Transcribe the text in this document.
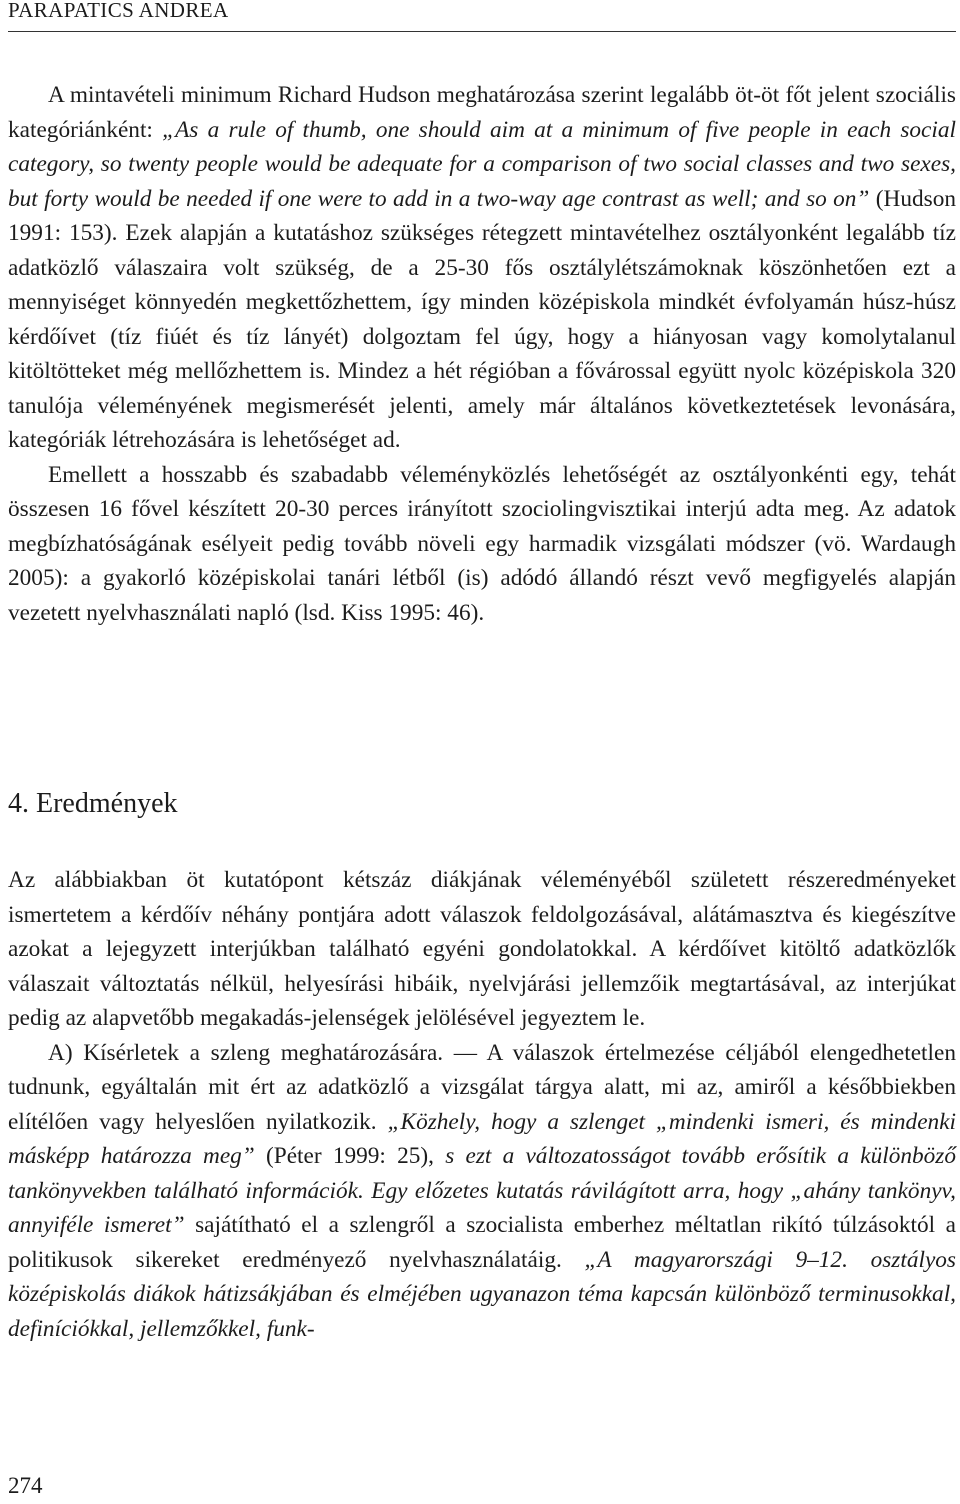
PARAPATICS ANDREA

A mintavételi minimum Richard Hudson meghatározása szerint legalább öt-öt főt jelent szociális kategóriánként: „As a rule of thumb, one should aim at a minimum of five people in each social category, so twenty people would be adequate for a comparison of two social classes and two sexes, but forty would be needed if one were to add in a two-way age contrast as well; and so on” (Hudson 1991: 153). Ezek alapján a kutatáshoz szükséges rétegzett mintavételhez osztályonként legalább tíz adatközlő válaszaira volt szükség, de a 25-30 fős osztálylétszámoknak köszönhetően ezt a mennyiséget könnyedén megkettőzhettem, így minden középiskola mindkét évfolyamán húsz-húsz kérdőívet (tíz fiúét és tíz lányét) dolgoztam fel úgy, hogy a hiányosan vagy komolytalanul kitöltötteket még mellőzhettem is. Mindez a hét régióban a fővárossal együtt nyolc középiskola 320 tanulója véleményének megismerését jelenti, amely már általános következtetések levonására, kategóriák létrehozására is lehetőséget ad.

Emellett a hosszabb és szabadabb véleményközlés lehetőségét az osztályonkénti egy, tehát összesen 16 fővel készített 20-30 perces irányított szociolingvisztikai interjú adta meg. Az adatok megbízhatóságának esélyeit pedig tovább növeli egy harmadik vizsgálati módszer (vö. Wardaugh 2005): a gyakorló középiskolai tanári létből (is) adódó állandó részt vevő megfigyelés alapján vezetett nyelvhasználati napló (lsd. Kiss 1995: 46).

4. Eredmények

Az alábbiakban öt kutatópont kétszáz diákjának véleményéből született részeredményeket ismertetem a kérdőív néhány pontjára adott válaszok feldolgozásával, alátámasztva és kiegészítve azokat a lejegyzett interjúkban található egyéni gondolatokkal. A kérdőívet kitöltő adatközlők válaszait változtatás nélkül, helyesírási hibáik, nyelvjárási jellemzőik megtartásával, az interjúkat pedig az alapvetőbb megakadás-jelenségek jelölésével jegyeztem le.

A) Kísérletek a szleng meghatározására. — A válaszok értelmezése céljából elengedhetetlen tudnunk, egyáltalán mit ért az adatközlő a vizsgálat tárgya alatt, mi az, amiről a későbbiekben elítélően vagy helyeslően nyilatkozik. „Közhely, hogy a szlenget „mindenki ismeri, és mindenki másképp határozza meg” (Péter 1999: 25), s ezt a változatosságot tovább erősítik a különböző tankönyvekben található információk. Egy előzetes kutatás rávilágított arra, hogy „ahány tankönyv, annyiféle ismeret” sajátítható el a szlengről a szocialista emberhez méltatlan rikító túlzásoktól a politikusok sikereket eredményező nyelvhasználatáig. „A magyarországi 9–12. osztályos középiskolás diákok hátizsákjában és elméjében ugyanazon téma kapcsán különböző terminusokkal, definíciókkal, jellemzőkkel, funk-

274
